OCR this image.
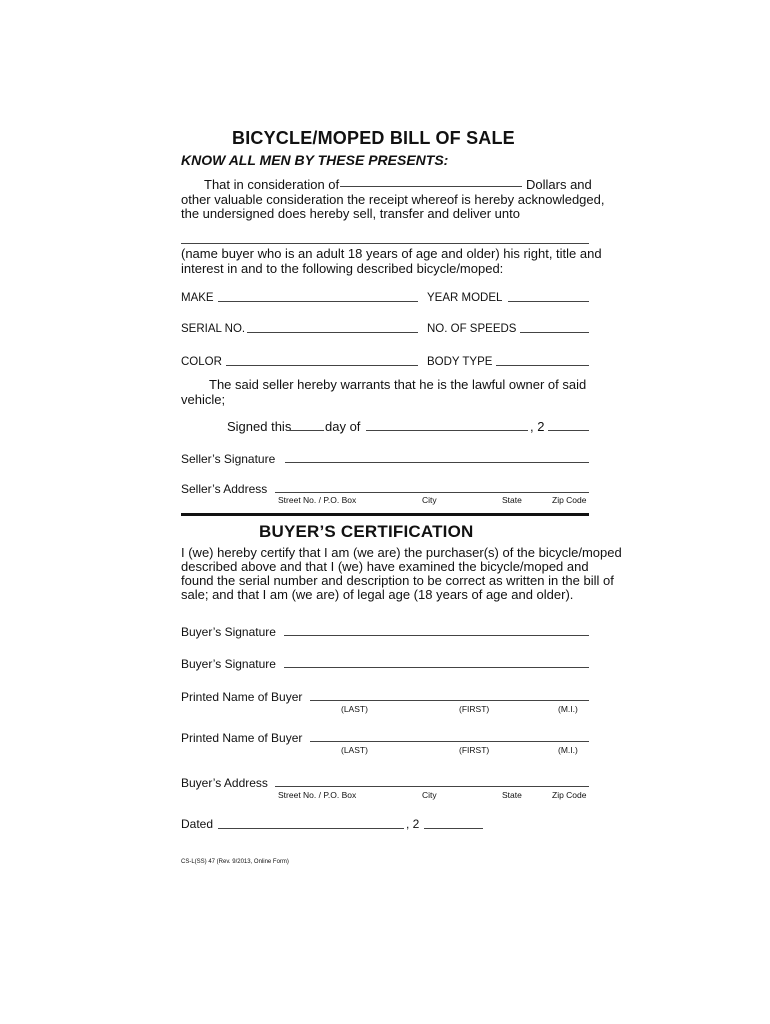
BICYCLE/MOPED BILL OF SALE
KNOW ALL MEN BY THESE PRESENTS:
That in consideration of	Dollars and
other valuable consideration the receipt whereof is hereby acknowledged,
the undersigned does hereby sell, transfer and deliver unto
(name buyer who is an adult 18 years of age and older) his right, title and
interest in and to the following described bicycle/moped:
MAKE	YEAR MODEL
SERIAL NO.	NO. OF SPEEDS
COLOR	BODY TYPE
The said seller hereby warrants that he is the lawful owner of said
vehicle;
Signed this	day of	, 2
Seller’s Signature
Seller’s Address
Street No. / P.O. Box	City	State	Zip Code
BUYER’S CERTIFICATION
I (we) hereby certify that I am (we are) the purchaser(s) of the bicycle/moped
described above and that I (we) have examined the bicycle/moped and
found the serial number and description to be correct as written in the bill of
sale; and that I am (we are) of legal age (18 years of age and older).
Buyer’s Signature
Buyer’s Signature
Printed Name of Buyer
(LAST)	(FIRST)	(M.I.)
Printed Name of Buyer
(LAST)	(FIRST)	(M.I.)
Buyer’s Address
Street No. / P.O. Box	City	State	Zip Code
Dated	, 2
CS-L(SS) 47 (Rev. 9/2013, Online Form)
